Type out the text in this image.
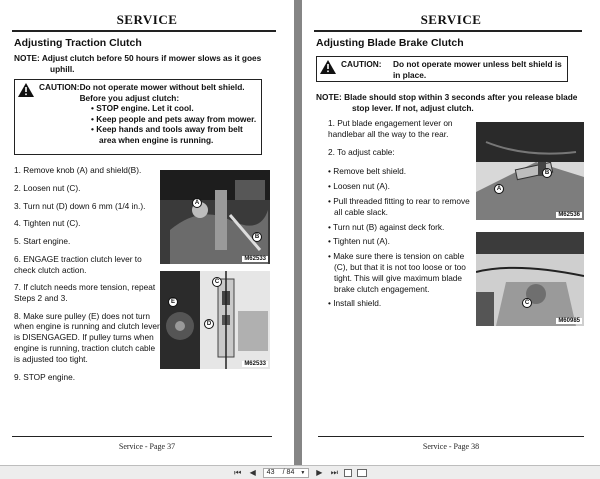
SERVICE
Adjusting Traction Clutch
NOTE: Adjust clutch before 50 hours if mower slows as it goes uphill.
CAUTION: Do not operate mower without belt shield. Before you adjust clutch:
• STOP engine. Let it cool.
• Keep people and pets away from mower.
• Keep hands and tools away from belt area when engine is running.
1. Remove knob (A) and shield(B).
2. Loosen nut (C).
3. Turn nut (D) down 6 mm (1/4 in.).
4. Tighten nut (C).
5. Start engine.
6. ENGAGE traction clutch lever to check clutch action.
7. If clutch needs more tension, repeat Steps 2 and 3.
8. Make sure pulley (E) does not turn when engine is running and clutch lever is DISENGAGED. If pulley turns when engine is running, traction clutch cable is adjusted too tight.
9. STOP engine.
A
B
M62533
C
D
E
M62533
Service - Page 37
SERVICE
Adjusting Blade Brake Clutch
CAUTION:	Do not operate mower unless belt shield is in place.
NOTE: Blade should stop within 3 seconds after you release blade stop lever. If not, adjust clutch.
1. Put blade engagement lever on handlebar all the way to the rear.
2. To adjust cable:
• Remove belt shield.
• Loosen nut (A).
• Pull threaded fitting to rear to remove all cable slack.
• Turn nut (B) against deck fork.
• Tighten nut (A).
• Make sure there is tension on cable (C), but that it is not too loose or too tight. This will give maximum blade brake clutch engagement.
• Install shield.
A
B
M62536
C
M60985
Service - Page 38
⏮ ◀ 43	/ 84 ▼ ▶ ⏭
